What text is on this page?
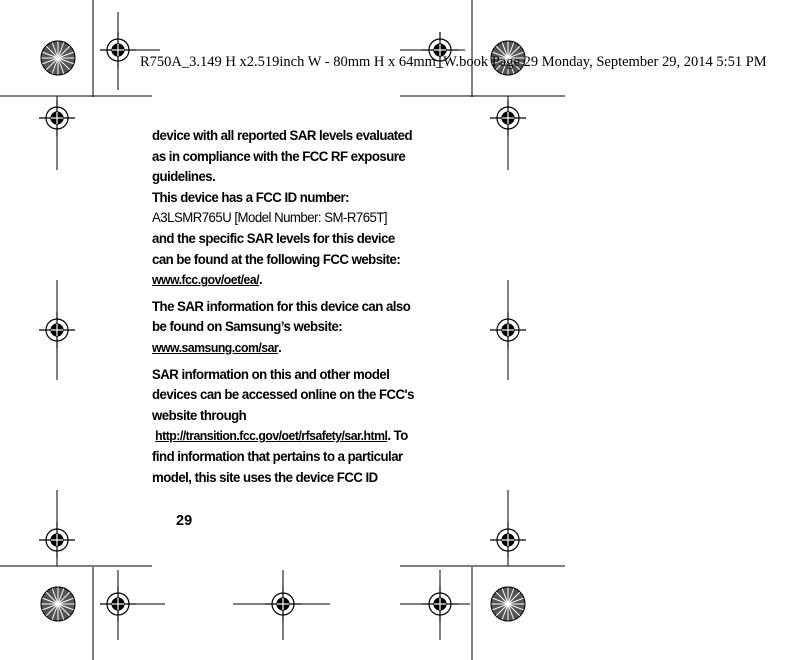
R750A_3.149 H x2.519inch W - 80mm H x 64mm_W.book Page 29 Monday, September 29, 2014 5:51 PM

device with all reported SAR levels evaluated as in compliance with the FCC RF exposure guidelines.

This device has a FCC ID number:

A3LSMR765U [Model Number: SM-R765T]

and the specific SAR levels for this device can be found at the following FCC website:
www.fcc.gov/oet/ea/.

The SAR information for this device can also be found on Samsung’s website:
www.samsung.com/sar.

SAR information on this and other model devices can be accessed online on the FCC's website through
http://transition.fcc.gov/oet/rfsafety/sar.html. To find information that pertains to a particular model, this site uses the device FCC ID

29
